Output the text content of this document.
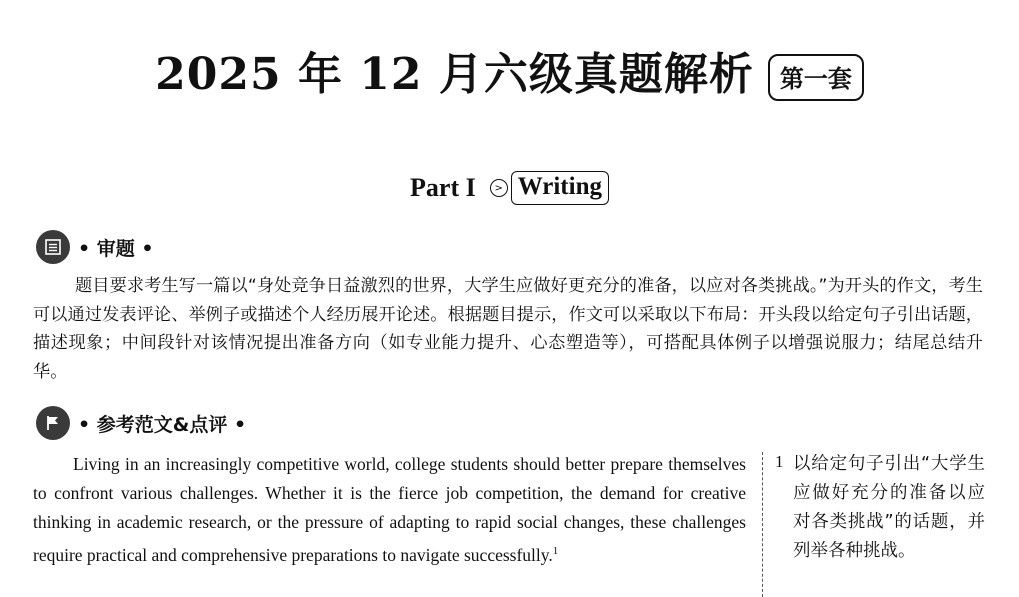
2025 年 12 月六级真题解析	第一套
Part I	> Writing
• 审题 •

题目要求考生写一篇以“身处竞争日益激烈的世界，大学生应做好更充分的准备，以应对各类挑战。”为开头的作文，考生可以通过发表评论、举例子或描述个人经历展开论述。根据题目提示，作文可以采取以下布局：开头段以给定句子引出话题，描述现象；中间段针对该情况提出准备方向（如专业能力提升、心态塑造等），可搭配具体例子以增强说服力；结尾总结升华。

• 参考范文&点评 •

Living in an increasingly competitive world, college students should better prepare themselves to confront various challenges. Whether it is the fierce job competition, the demand for creative thinking in academic research, or the pressure of adapting to rapid social changes, these challenges require practical and comprehensive preparations to navigate successfully.$^1$

1 以给定句子引出“大学生应做好充分的准备以应对各类挑战”的话题，并列举各种挑战。
